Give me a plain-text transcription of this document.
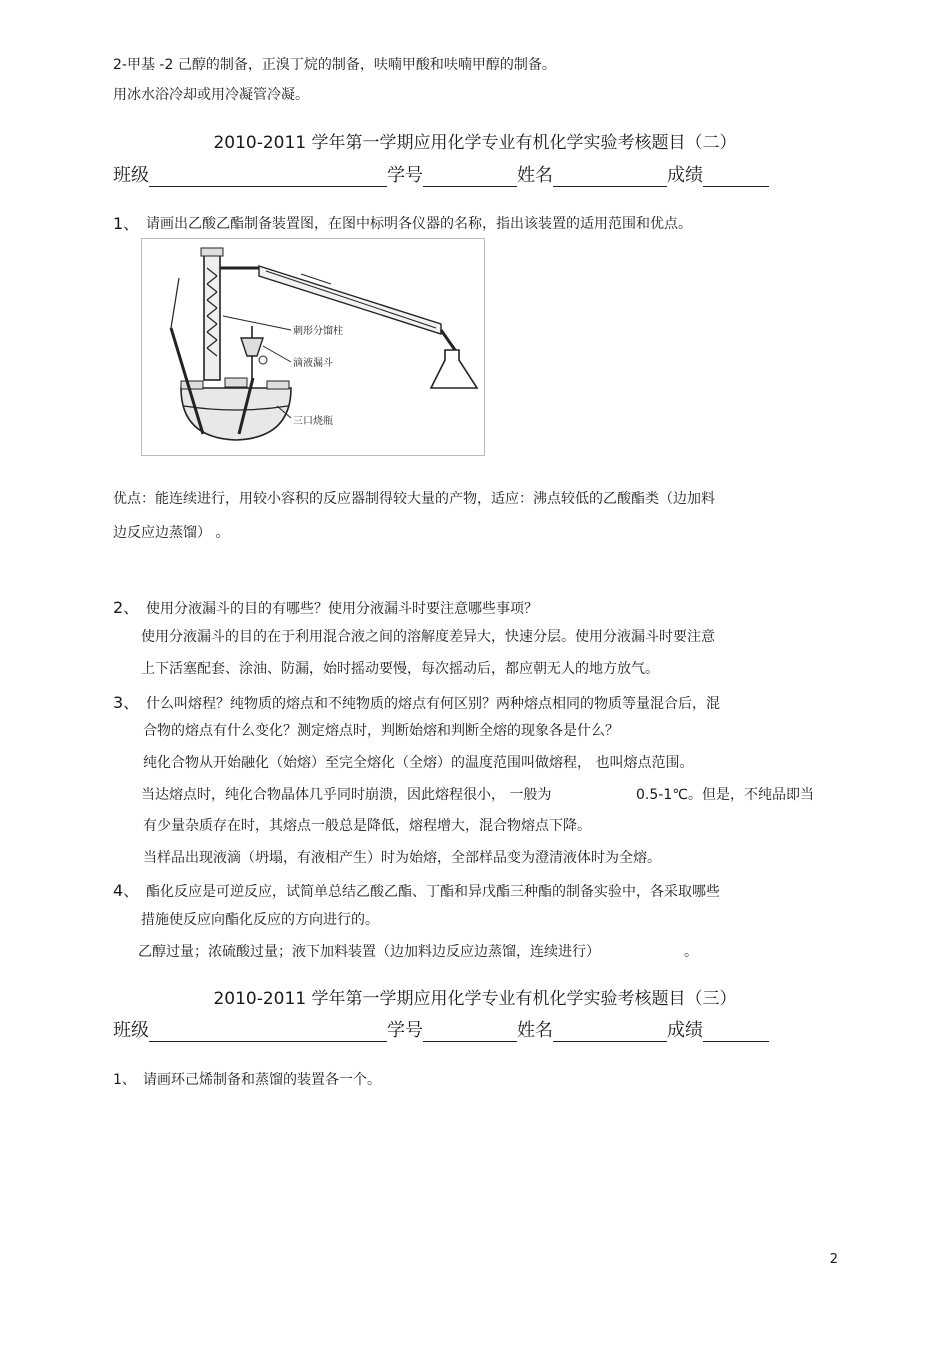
2-甲基 -2 己醇的制备，正溴丁烷的制备，呋喃甲酸和呋喃甲醇的制备。
用冰水浴冷却或用冷凝管冷凝。
2010-2011 学年第一学期应用化学专业有机化学实验考核题目（二）
班级	学号	姓名	成绩
1、 请画出乙酸乙酯制备装置图，在图中标明各仪器的名称，指出该装置的适用范围和优点。
刺形分馏柱
滴液漏斗
三口烧瓶
优点：能连续进行，用较小容积的反应器制得较大量的产物，适应：沸点较低的乙酸酯类（边加料
边反应边蒸馏） 。
2、 使用分液漏斗的目的有哪些？使用分液漏斗时要注意哪些事项？
使用分液漏斗的目的在于利用混合液之间的溶解度差异大，快速分层。使用分液漏斗时要注意
上下活塞配套、涂油、防漏，始时摇动要慢，每次摇动后，都应朝无人的地方放气。
3、 什么叫熔程？纯物质的熔点和不纯物质的熔点有何区别？两种熔点相同的物质等量混合后，混
合物的熔点有什么变化？测定熔点时，判断始熔和判断全熔的现象各是什么？
纯化合物从开始融化（始熔）至完全熔化（全熔）的温度范围叫做熔程， 也叫熔点范围。
当达熔点时，纯化合物晶体几乎同时崩溃，因此熔程很小， 一般为	0.5-1℃。但是，不纯品即当
有少量杂质存在时，其熔点一般总是降低，熔程增大，混合物熔点下降。
当样品出现液滴（坍塌，有液相产生）时为始熔，全部样品变为澄清液体时为全熔。
4、 酯化反应是可逆反应，试简单总结乙酸乙酯、丁酯和异戊酯三种酯的制备实验中，各采取哪些
措施使反应向酯化反应的方向进行的。
乙醇过量；浓硫酸过量；液下加料装置（边加料边反应边蒸馏，连续进行）	。
2010-2011 学年第一学期应用化学专业有机化学实验考核题目（三）
班级	学号	姓名	成绩
1、 请画环己烯制备和蒸馏的装置各一个。
2
